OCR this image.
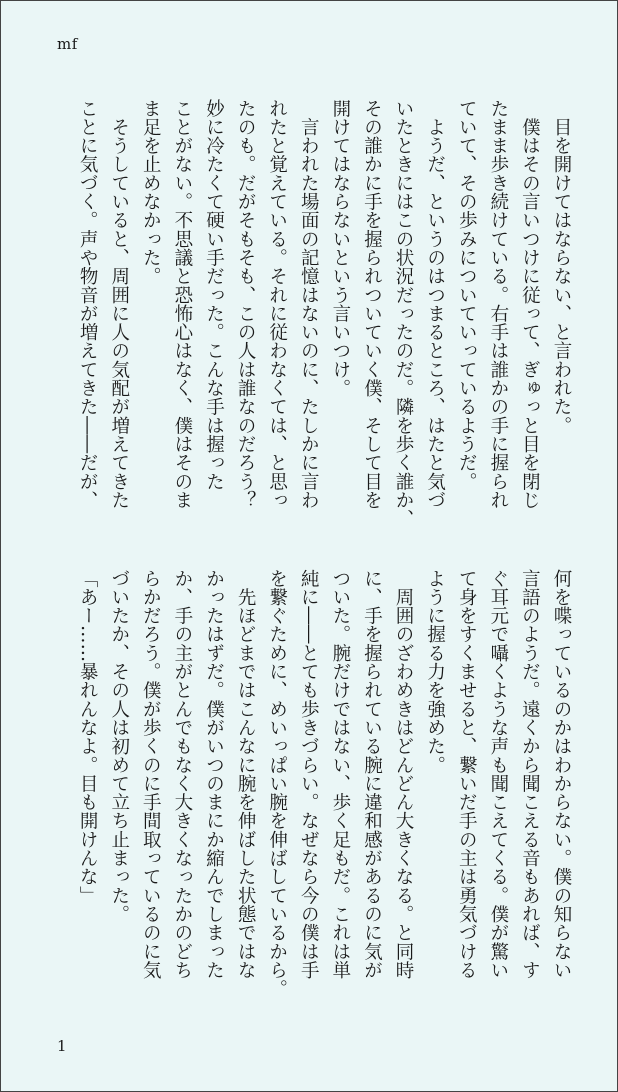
mf
　目を開けてはならない、と言われた。
　僕はその言いつけに従って、ぎゅっと目を閉じ
たまま歩き続けている。右手は誰かの手に握られ
ていて、その歩みについていっているようだ。
　ようだ、というのはつまるところ、はたと気づ
いたときにはこの状況だったのだ。隣を歩く誰か、
その誰かに手を握られついていく僕、そして目を
開けてはならないという言いつけ。
　言われた場面の記憶はないのに、たしかに言わ
れたと覚えている。それに従わなくては、と思っ
たのも。だがそもそも、この人は誰なのだろう？
妙に冷たくて硬い手だった。こんな手は握った
ことがない。不思議と恐怖心はなく、僕はそのま
ま足を止めなかった。
　そうしていると、周囲に人の気配が増えてきた
ことに気づく。声や物音が増えてきた――だが、
何を喋っているのかはわからない。僕の知らない
言語のようだ。遠くから聞こえる音もあれば、す
ぐ耳元で囁くような声も聞こえてくる。僕が驚い
て身をすくませると、繋いだ手の主は勇気づける
ように握る力を強めた。
　周囲のざわめきはどんどん大きくなる。と同時
に、手を握られている腕に違和感があるのに気が
ついた。腕だけではない、歩く足もだ。これは単
純に――とても歩きづらい。なぜなら今の僕は手
を繋ぐために、めいっぱい腕を伸ばしているから。
　先ほどまではこんなに腕を伸ばした状態ではな
かったはずだ。僕がいつのまにか縮んでしまった
か、手の主がとんでもなく大きくなったかのどち
らかだろう。僕が歩くのに手間取っているのに気
づいたか、その人は初めて立ち止まった。
「あー……暴れんなよ。目も開けんな」
1
